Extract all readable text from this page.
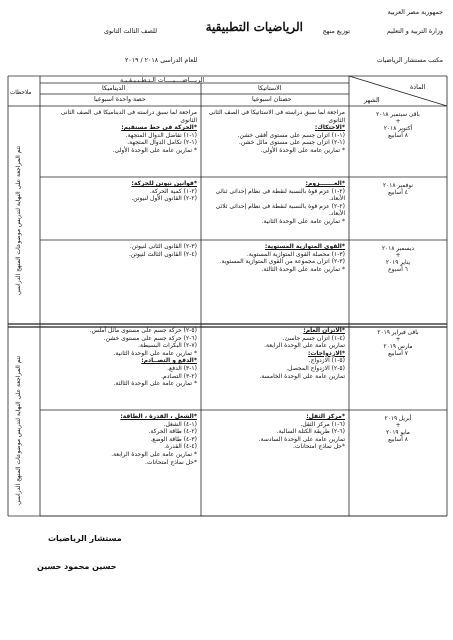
جمهورية مصر العربية
وزارة التربية و التعليم
توزيع منهج
الرياضيات التطبيقية
للصف الثالث الثانوى
مكتب مستشار الرياضيات
للعام الدراسى ٢٠١٨ / ٢٠١٩
الريـــاضــــيــــات الـتـطـبـيـقـيـة
الاستاتيكا
الديناميكا
حصتان اسبوعيا
حصة واحدة اسبوعيا
المادة
الشهر
ملاحظات
تتم المراجعة على النهاية لتدريس موضوعات المنهج الدراسي
تتم المراجعة على النهاية لتدريس موضوعات المنهج الدراسي
باقى سبتمبر ٢٠١٨
+
أكتوبر ٢٠١٨
٨ أسابيع
مراجعة لما سبق دراسته فى الاستاتيكا فى الصف الثانى الثانوى
*الاحتكاك:
(١-١) اتزان جسم على مستوى أفقى خشن.
(١-٢) اتزان جسم على مستوى مائل خشن.
* تمارين عامة على الوحدة الأولى.
مراجعة لما سبق دراسته فى الديناميكا فى الصف الثانى الثانوى
*الحركة فى خط مستقيم:
(١-١) تفاضل الدوال المتجهة.
(١-٢) تكامل الدوال المتجهة.
* تمارين عامة على الوحدة الأولى.
نوفمبر ٢٠١٨
٤ أسابيع
*العـــــــزوم:
(٢-١) عزم قوة بالنسبة لنقطة فى نظام إحداثى ثنائى الأبعاد.
(٢-٢) عزم قوة بالنسبة لنقطة فى نظام إحداثى ثلاثى الأبعاد.
* تمارين عامة على الوحدة الثانية.
*قوانين نيوتن للحركة:
(٢-١) كمية الحركة.
(٢-٢) القانون الأول لنيوتن.
ديسمبر ٢٠١٨
+
يناير ٢٠١٩
٦ أسبوع
*القوى المتوازية المستوية:
(٣-١) محصلة القوى المتوازية المستوية.
(٣-٢) اتزان مجموعة من القوى المتوازية المستوية.
* تمارين عامة على الوحدة الثالثة.
(٣-٢) القانون الثانى لنيوتن.
(٤-٢) القانون الثالث لنيوتن.
باقى فبراير ٢٠١٩
+
مارس ٢٠١٩
٧ أسابيع
*الاتزان العام:
(٤-١) اتزان جسم جاسئ.
تمارين عامة على الوحدة الرابعة.
*الازدواجات:
(٥-١) الازدواج.
(٥-٢) الازدواج المحصل.
تمارين عامة على الوحدة الخامسة.
(٥-٢) حركة جسم على مستوى مائل أملس.
(٦-٢) حركة جسم على مستوى خشن.
(٧-٢) البكرات البسيطة.
* تمارين عامة على الوحدة الثانية.
*الدفع و التصــادم:
(١-٣) الدفع.
(٢-٣) التصادم.
* تمارين عامة على الوحدة الثالثة.
أبريل ٢٠١٩
+
مايو ٢٠١٩
٨ أسابيع
*مركز الثقل:
(٦-١) مركز الثقل.
(٦-٢) طريقة الكتلة السالبة.
تمارين عامة على الوحدة السادسة.
*حل نماذج امتحانات.
*الشغل ، القدرة ، الطاقة:
(١-٤) الشغل.
(٢-٤) طاقة الحركة.
(٣-٤) طاقة الوضع.
(٤-٤) القدرة.
* تمارين عامة على الوحدة الرابعة.
*حل نماذج امتحانات.
مستشار الرياضيات
حسين محمود حسين
